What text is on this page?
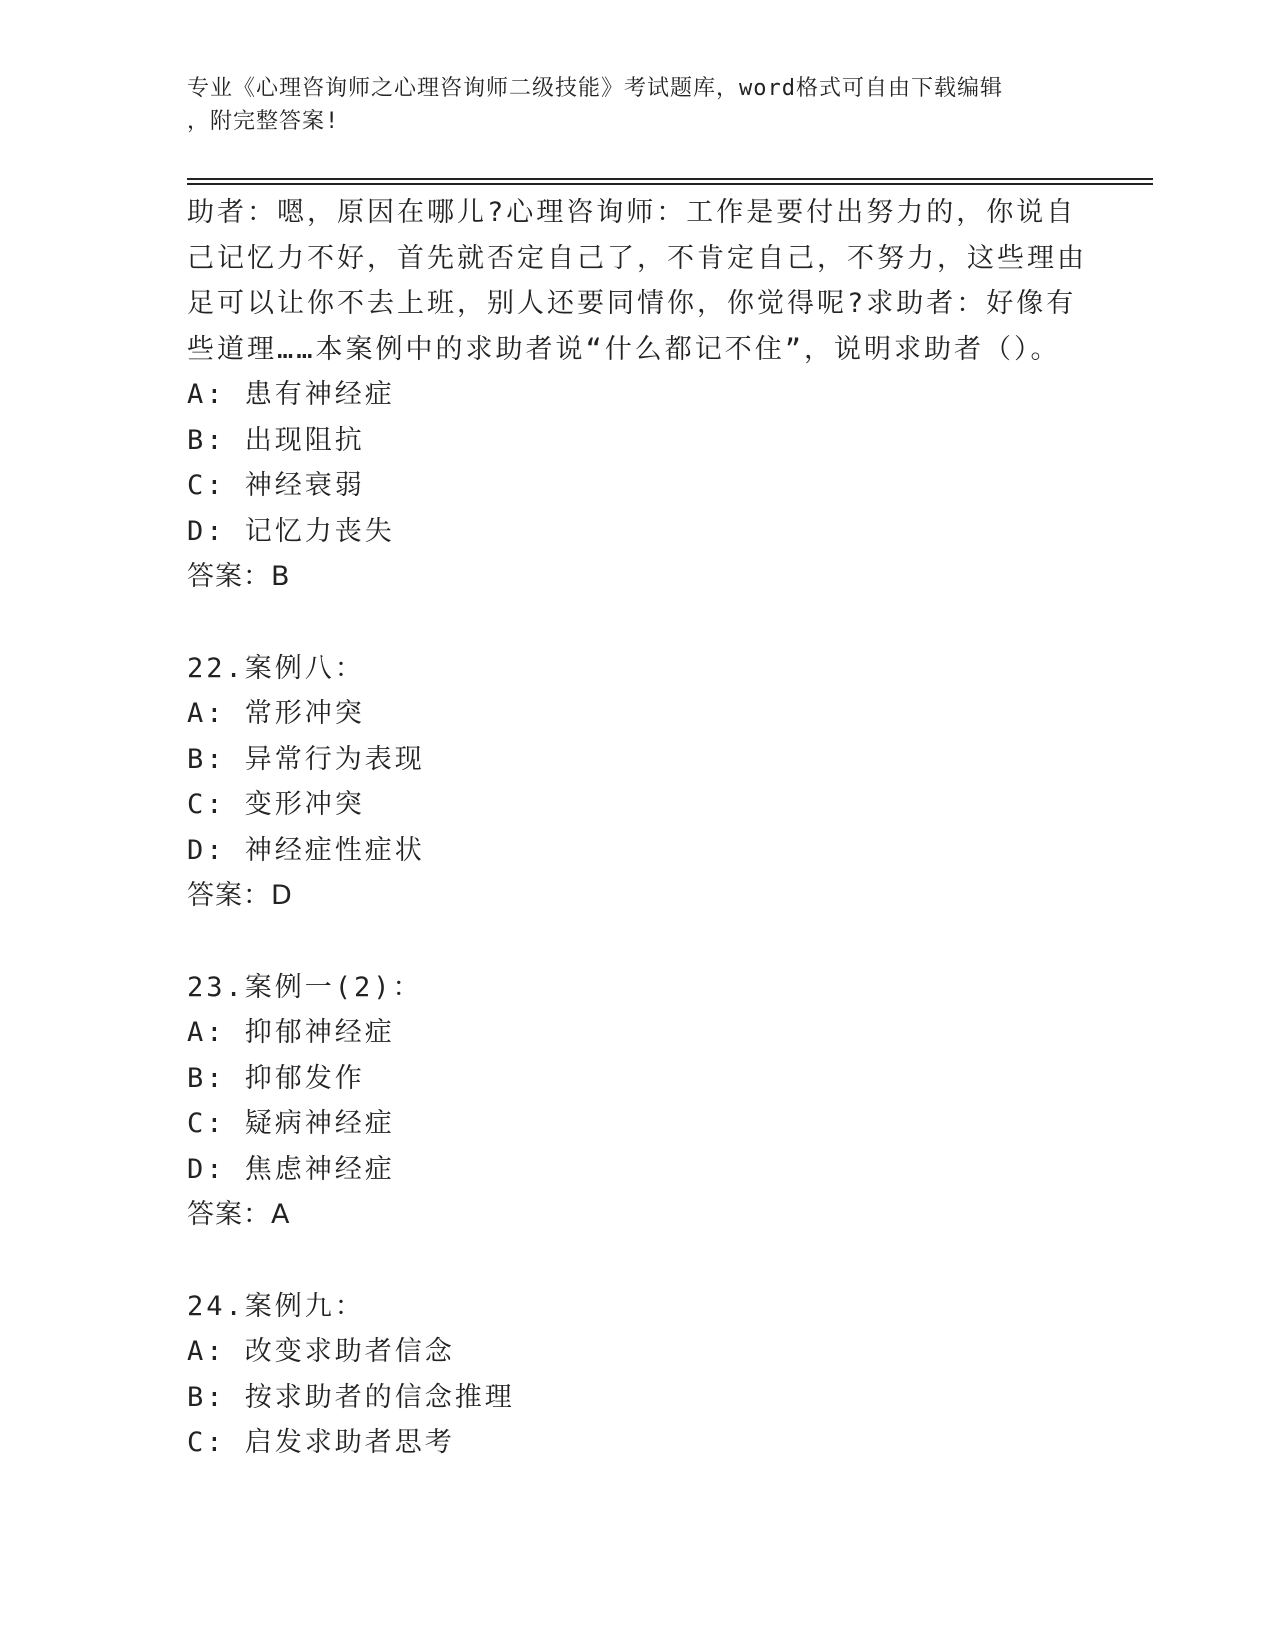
专业《心理咨询师之心理咨询师二级技能》考试题库，word格式可自由下载编辑
，附完整答案!

助者：嗯，原因在哪儿?心理咨询师：工作是要付出努力的，你说自己记忆力不好，首先就否定自己了，不肯定自己，不努力，这些理由足可以让你不去上班，别人还要同情你，你觉得呢?求助者：好像有些道理……本案例中的求助者说“什么都记不住”，说明求助者（）。

A: 患有神经症
B: 出现阻抗
C: 神经衰弱
D: 记忆力丧失
答案：B
22.案例八：
A: 常形冲突
B: 异常行为表现
C: 变形冲突
D: 神经症性症状
答案：D
23.案例一(2)：
A: 抑郁神经症
B: 抑郁发作
C: 疑病神经症
D: 焦虑神经症
答案：A
24.案例九：
A: 改变求助者信念
B: 按求助者的信念推理
C: 启发求助者思考
